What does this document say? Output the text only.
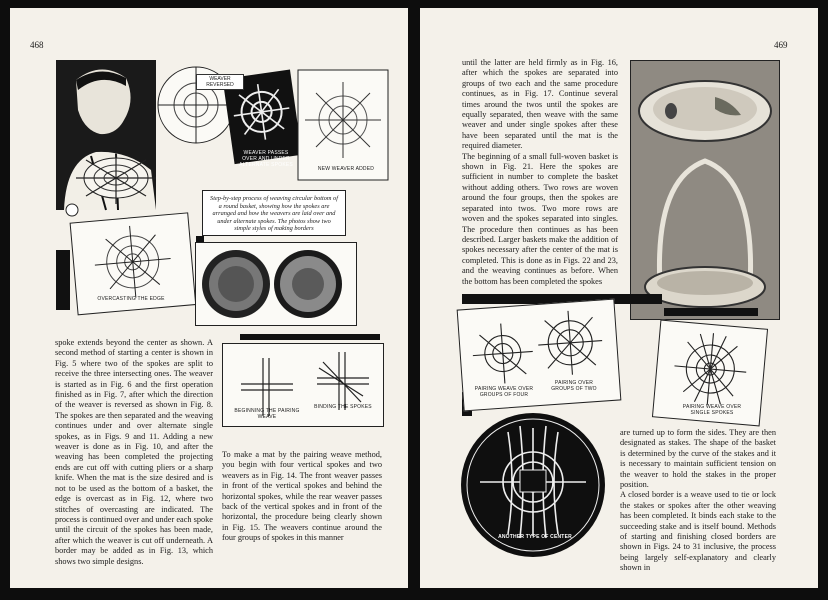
468
WEAVER REVERSED
WEAVER PASSES OVER AND UNDER ALTERNATE SPOKES
NEW WEAVER ADDED
OVERCASTING THE EDGE
Step-by-step process of weaving circular bottom of a round basket, showing how the spokes are arranged and how the weavers are laid over and under alternate spokes. The photos show two simple styles of making borders

spoke extends beyond the center as shown. A second method of starting a center is shown in Fig. 5 where two of the spokes are split to receive the three intersecting ones. The weaver is started as in Fig. 6 and the first operation finished as in Fig. 7, after which the direction of the weaver is reversed as shown in Fig. 8. The spokes are then separated and the weaving continues under and over alternate single spokes, as in Figs. 9 and 11. Adding a new weaver is done as in Fig. 10, and after the weaving has been completed the projecting ends are cut off with cutting pliers or a sharp knife. When the mat is the size desired and is not to be used as the bottom of a basket, the edge is overcast as in Fig. 12, where two stitches of overcasting are indicated. The process is continued over and under each spoke until the circuit of the spokes has been made, after which the weaver is cut off underneath. A border may be added as in Fig. 13, which shows two simple designs.

BEGINNING THE PAIRING WEAVE
BINDING THE SPOKES

To make a mat by the pairing weave method, you begin with four vertical spokes and two weavers as in Fig. 14. The front weaver passes in front of the vertical spokes and behind the horizontal spokes, while the rear weaver passes back of the vertical spokes and in front of the horizontal, the procedure being clearly shown in Fig. 15. The weavers continue around the four groups of spokes in this manner

469

until the latter are held firmly as in Fig. 16, after which the spokes are separated into groups of two each and the same procedure continues, as in Fig. 17. Continue several times around the twos until the spokes are equally separated, then weave with the same weaver and under single spokes after these have been separated until the mat is the required diameter.
The beginning of a small full-woven basket is shown in Fig. 21. Here the spokes are sufficient in number to complete the basket without adding others. Two rows are woven around the four groups, then the spokes are separated into twos. Two more rows are woven and the spokes separated into singles. The procedure then continues as has been described. Larger baskets make the addition of spokes necessary after the center of the mat is completed. This is done as in Figs. 22 and 23, and the weaving continues as before. When the bottom has been completed the spokes

PAIRING WEAVE OVER GROUPS OF FOUR
PAIRING OVER GROUPS OF TWO
PAIRING WEAVE OVER SINGLE SPOKES
ANOTHER TYPE OF CENTER

are turned up to form the sides. They are then designated as stakes. The shape of the basket is determined by the curve of the stakes and it is necessary to maintain sufficient tension on the weaver to hold the stakes in the proper position.
A closed border is a weave used to tie or lock the stakes or spokes after the other weaving has been completed. It binds each stake to the succeeding stake and is itself bound. Methods of starting and finishing closed borders are shown in Figs. 24 to 31 inclusive, the process being largely self-explanatory and clearly shown in
